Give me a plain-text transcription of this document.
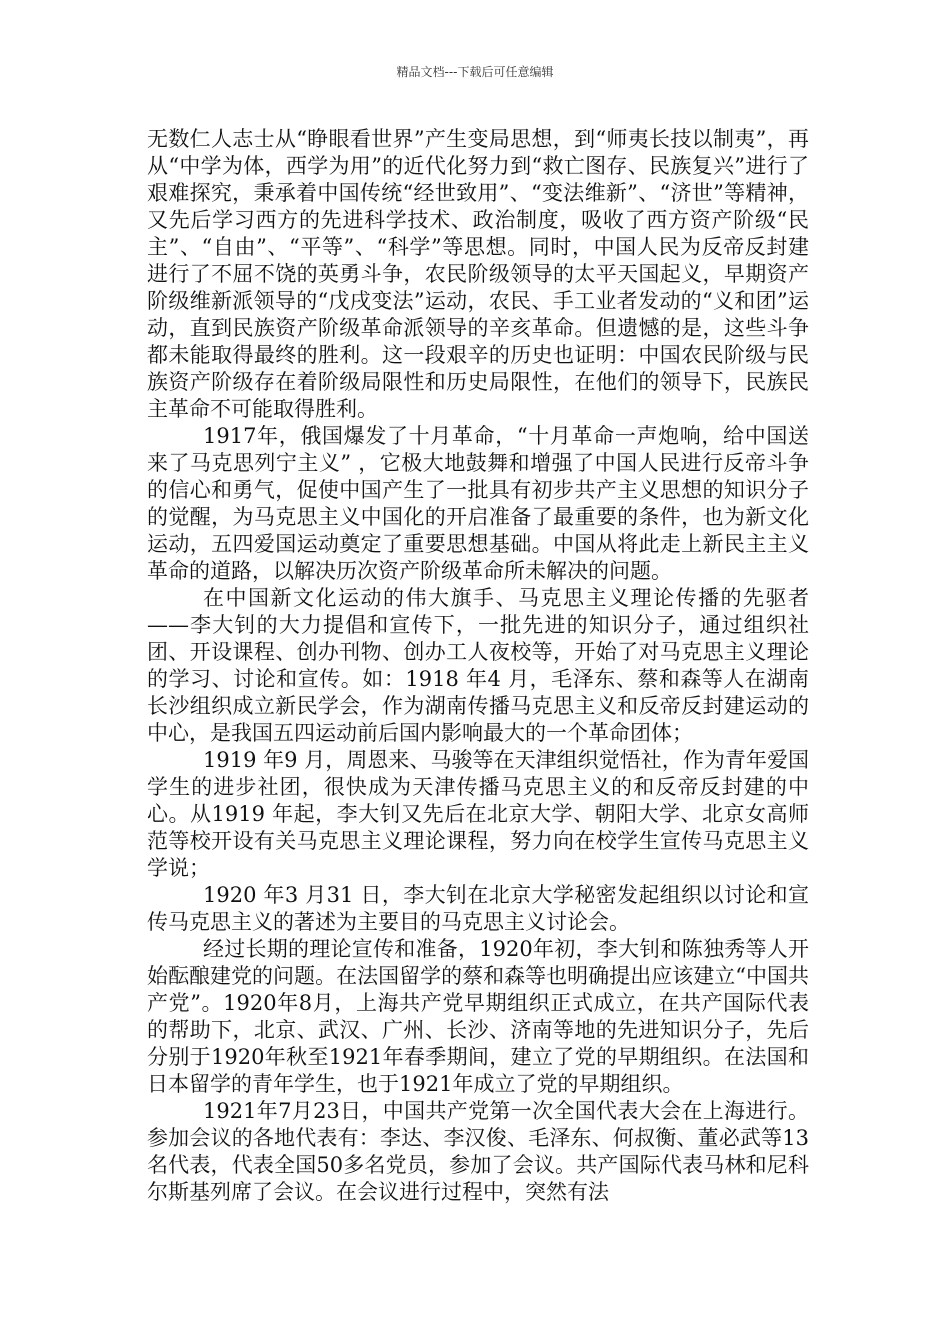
精品文档---下载后可任意编辑

无数仁人志士从“睁眼看世界”产生变局思想，到“师夷长技以制夷”，再从“中学为体，西学为用”的近代化努力到“救亡图存、民族复兴”进行了艰难探究，秉承着中国传统“经世致用”、“变法维新”、“济世”等精神，又先后学习西方的先进科学技术、政治制度，吸收了西方资产阶级“民主”、“自由”、“平等”、“科学”等思想。同时，中国人民为反帝反封建进行了不屈不饶的英勇斗争，农民阶级领导的太平天国起义，早期资产阶级维新派领导的“戊戌变法”运动，农民、手工业者发动的“义和团”运动，直到民族资产阶级革命派领导的辛亥革命。但遗憾的是，这些斗争都未能取得最终的胜利。这一段艰辛的历史也证明：中国农民阶级与民族资产阶级存在着阶级局限性和历史局限性，在他们的领导下，民族民主革命不可能取得胜利。

1917年，俄国爆发了十月革命，“十月革命一声炮响，给中国送来了马克思列宁主义” ，它极大地鼓舞和增强了中国人民进行反帝斗争的信心和勇气，促使中国产生了一批具有初步共产主义思想的知识分子的觉醒，为马克思主义中国化的开启准备了最重要的条件，也为新文化运动，五四爱国运动奠定了重要思想基础。中国从将此走上新民主主义革命的道路，以解决历次资产阶级革命所未解决的问题。

在中国新文化运动的伟大旗手、马克思主义理论传播的先驱者——李大钊的大力提倡和宣传下，一批先进的知识分子，通过组织社团、开设课程、创办刊物、创办工人夜校等，开始了对马克思主义理论的学习、讨论和宣传。如：1918 年4 月，毛泽东、蔡和森等人在湖南长沙组织成立新民学会，作为湖南传播马克思主义和反帝反封建运动的中心，是我国五四运动前后国内影响最大的一个革命团体；

1919 年9 月，周恩来、马骏等在天津组织觉悟社，作为青年爱国学生的进步社团，很快成为天津传播马克思主义的和反帝反封建的中心。从1919 年起，李大钊又先后在北京大学、朝阳大学、北京女高师范等校开设有关马克思主义理论课程，努力向在校学生宣传马克思主义学说；

1920 年3 月31 日，李大钊在北京大学秘密发起组织以讨论和宣传马克思主义的著述为主要目的马克思主义讨论会。

经过长期的理论宣传和准备，1920年初，李大钊和陈独秀等人开始酝酿建党的问题。在法国留学的蔡和森等也明确提出应该建立“中国共产党”。1920年8月，上海共产党早期组织正式成立，在共产国际代表的帮助下，北京、武汉、广州、长沙、济南等地的先进知识分子，先后分别于1920年秋至1921年春季期间，建立了党的早期组织。在法国和日本留学的青年学生，也于1921年成立了党的早期组织。

1921年7月23日，中国共产党第一次全国代表大会在上海进行。参加会议的各地代表有：李达、李汉俊、毛泽东、何叔衡、董必武等13名代表，代表全国50多名党员，参加了会议。共产国际代表马林和尼科尔斯基列席了会议。在会议进行过程中，突然有法
